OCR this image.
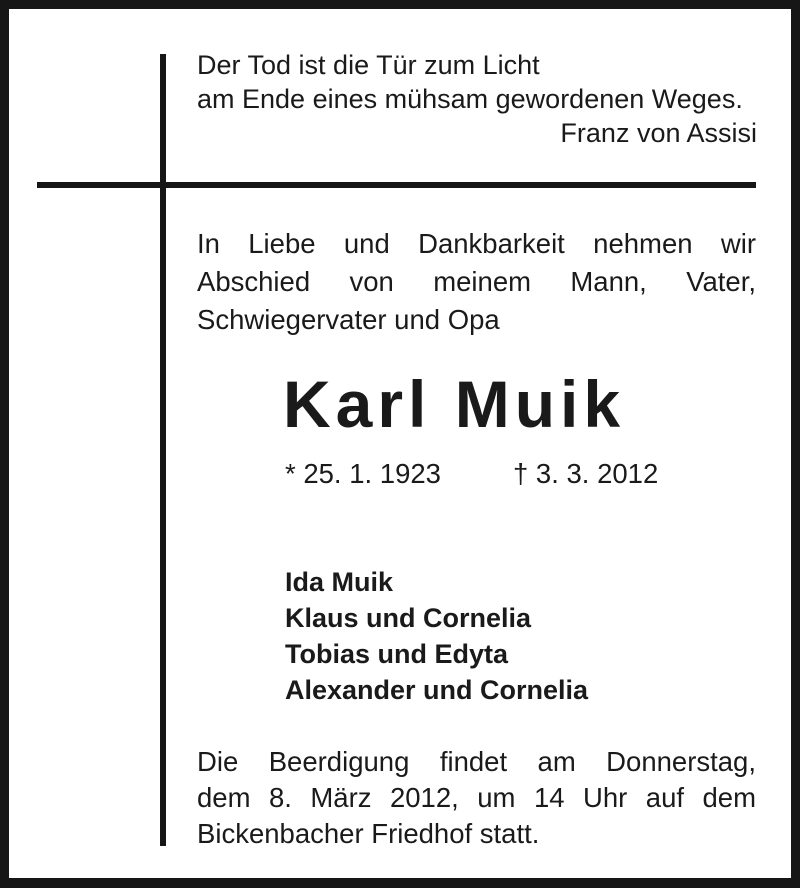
Der Tod ist die Tür zum Licht
am Ende eines mühsam gewordenen Weges.
Franz von Assisi
In Liebe und Dankbarkeit nehmen wir
Abschied von meinem Mann, Vater,
Schwiegervater und Opa
Karl Muik
* 25. 1. 1923	† 3. 3. 2012
Ida Muik
Klaus und Cornelia
Tobias und Edyta
Alexander und Cornelia
Die Beerdigung findet am Donnerstag,
dem 8. März 2012, um 14 Uhr auf dem
Bickenbacher Friedhof statt.
